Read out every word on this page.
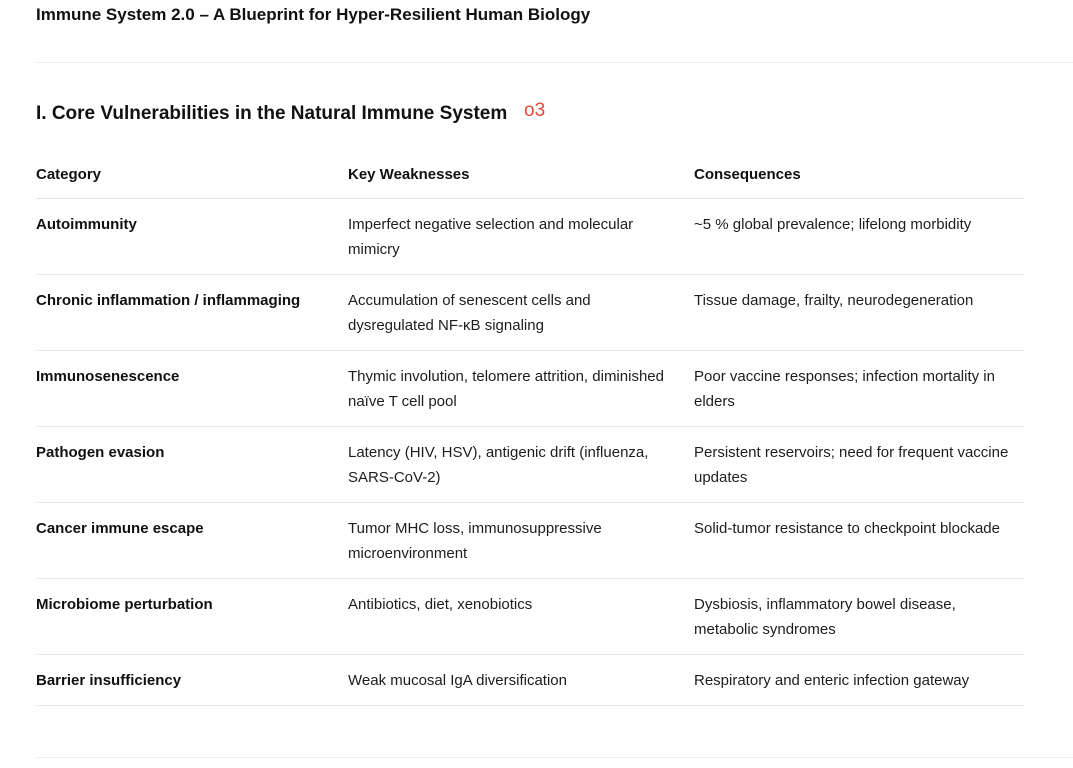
Immune System 2.0 – A Blueprint for Hyper-Resilient Human Biology
I. Core Vulnerabilities in the Natural Immune System o3
Category	Key Weaknesses	Consequences
Autoimmunity	Imperfect negative selection and molecular mimicry	~5 % global prevalence; lifelong morbidity
Chronic inflammation / inflammaging	Accumulation of senescent cells and dysregulated NF-κB signaling	Tissue damage, frailty, neurodegeneration
Immunosenescence	Thymic involution, telomere attrition, diminished naïve T cell pool	Poor vaccine responses; infection mortality in elders
Pathogen evasion	Latency (HIV, HSV), antigenic drift (influenza, SARS-CoV-2)	Persistent reservoirs; need for frequent vaccine updates
Cancer immune escape	Tumor MHC loss, immunosuppressive microenvironment	Solid-tumor resistance to checkpoint blockade
Microbiome perturbation	Antibiotics, diet, xenobiotics	Dysbiosis, inflammatory bowel disease, metabolic syndromes
Barrier insufficiency	Weak mucosal IgA diversification	Respiratory and enteric infection gateway
